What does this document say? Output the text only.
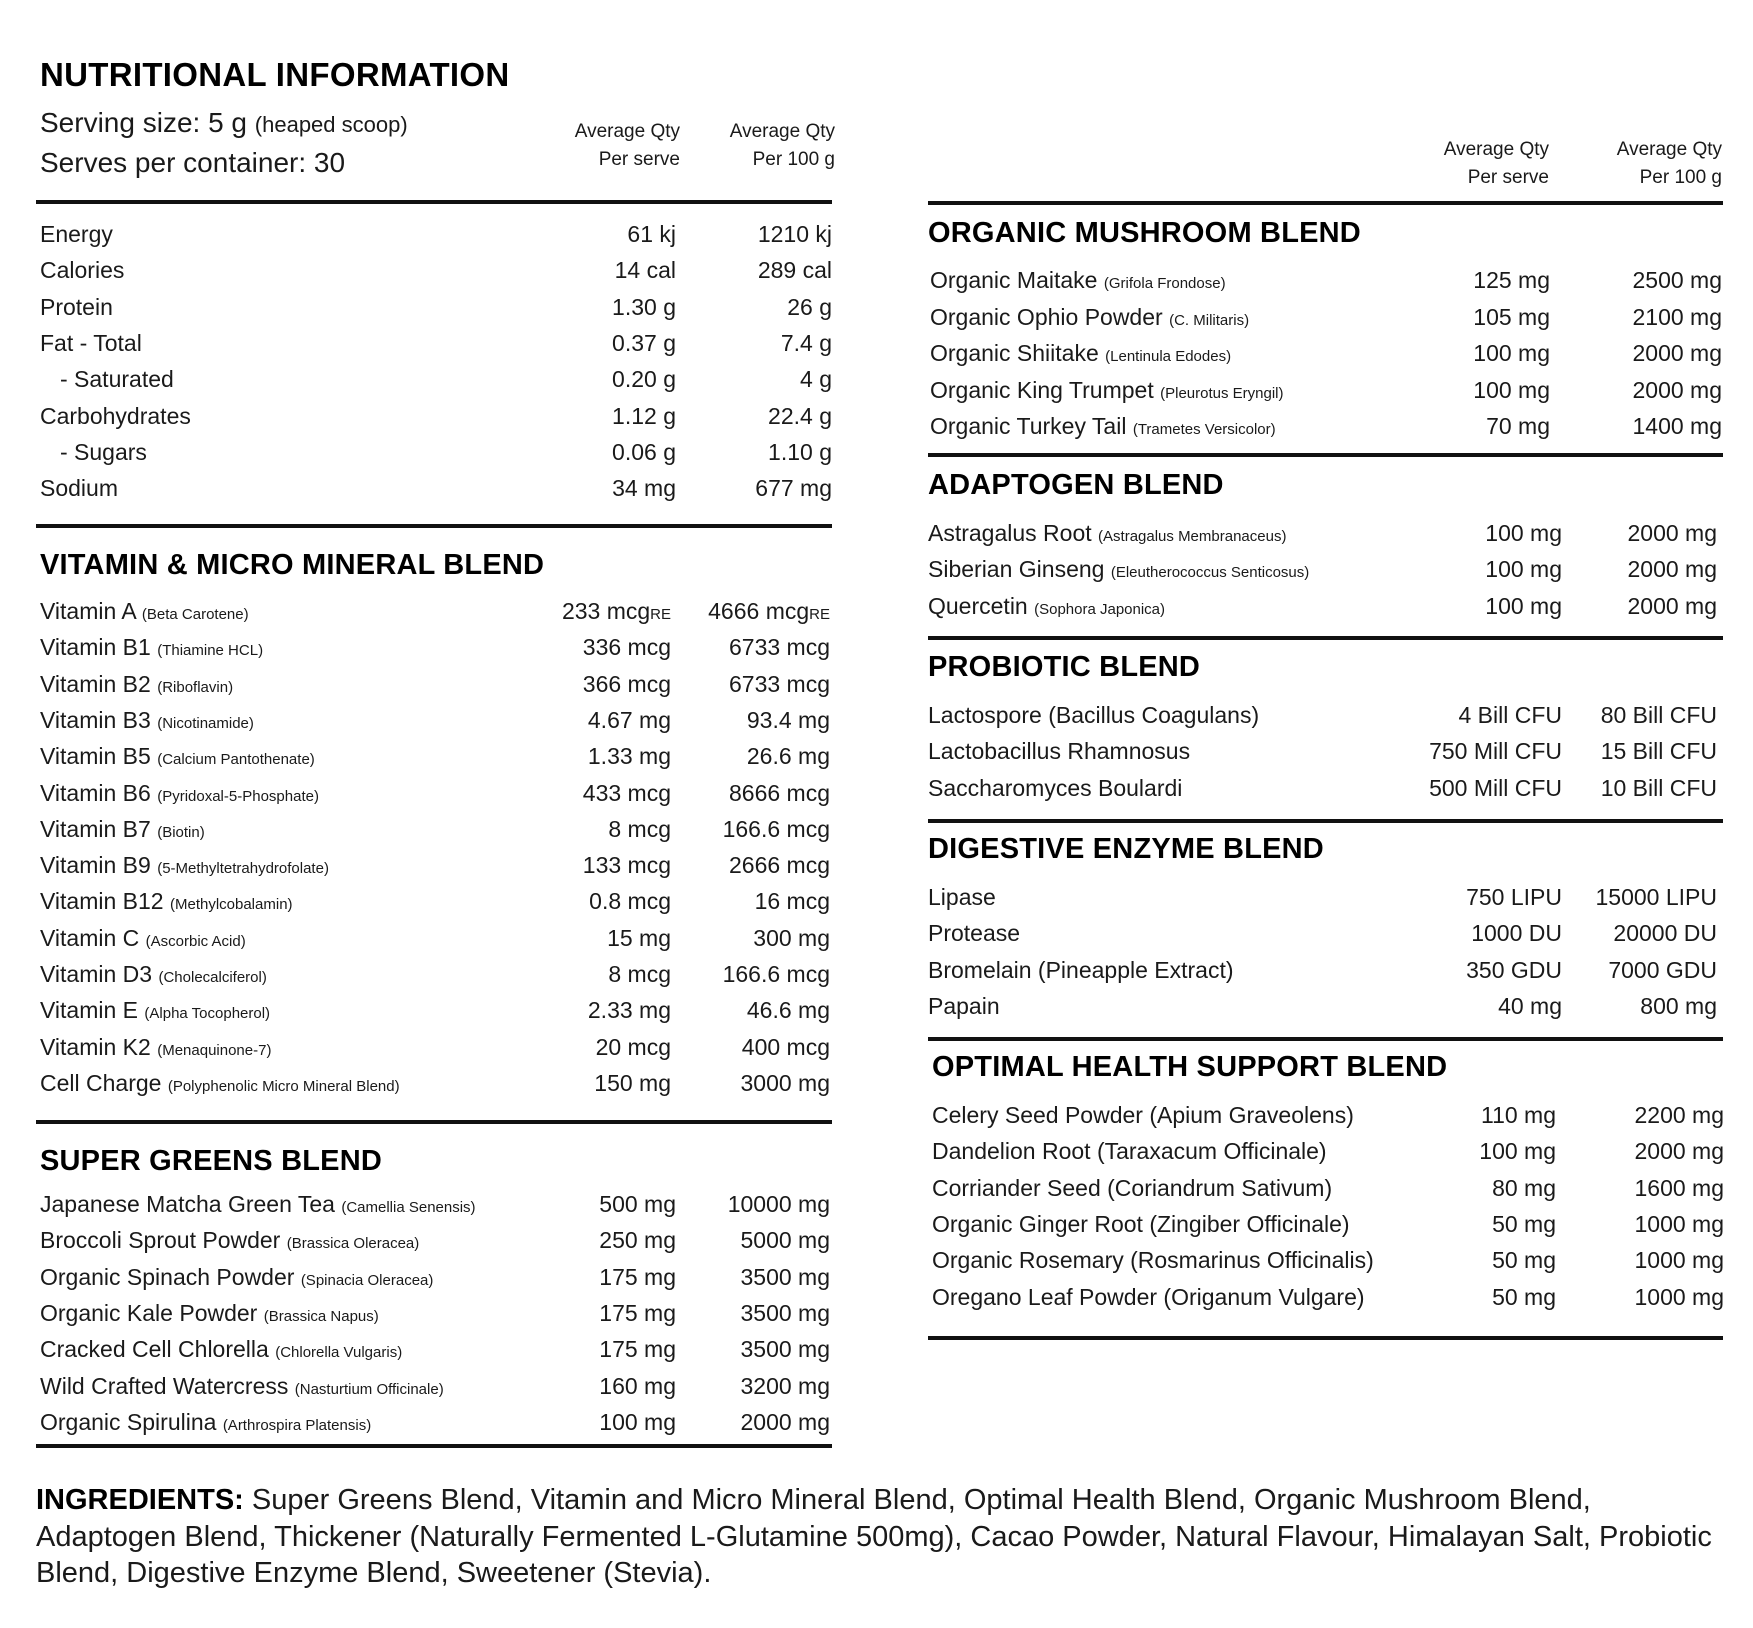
NUTRITIONAL INFORMATION
Serving size: 5 g (heaped scoop)
Serves per container: 30
Average Qty
Per serve
Average Qty
Per 100 g
Energy	61 kj	1210 kj
Calories	14 cal	289 cal
Protein	1.30 g	26 g
Fat - Total	0.37 g	7.4 g
- Saturated	0.20 g	4 g
Carbohydrates	1.12 g	22.4 g
- Sugars	0.06 g	1.10 g
Sodium	34 mg	677 mg
VITAMIN & MICRO MINERAL BLEND
Vitamin A (Beta Carotene)	233 mcgRE 4666 mcgRE
Vitamin B1 (Thiamine HCL)	336 mcg	6733 mcg
Vitamin B2 (Riboflavin)	366 mcg	6733 mcg
Vitamin B3 (Nicotinamide)	4.67 mg	93.4 mg
Vitamin B5 (Calcium Pantothenate)	1.33 mg	26.6 mg
Vitamin B6 (Pyridoxal-5-Phosphate)	433 mcg	8666 mcg
Vitamin B7 (Biotin)	8 mcg 166.6 mcg
Vitamin B9 (5-Methyltetrahydrofolate)	133 mcg	2666 mcg
Vitamin B12 (Methylcobalamin)	0.8 mcg	16 mcg
Vitamin C (Ascorbic Acid)	15 mg	300 mg
Vitamin D3 (Cholecalciferol)	8 mcg 166.6 mcg
Vitamin E (Alpha Tocopherol)	2.33 mg	46.6 mg
Vitamin K2 (Menaquinone-7)	20 mcg	400 mcg
Cell Charge (Polyphenolic Micro Mineral Blend)	150 mg	3000 mg
SUPER GREENS BLEND
Japanese Matcha Green Tea (Camellia Senensis)	500 mg 10000 mg
Broccoli Sprout Powder (Brassica Oleracea)	250 mg	5000 mg
Organic Spinach Powder (Spinacia Oleracea)	175 mg	3500 mg
Organic Kale Powder (Brassica Napus)	175 mg	3500 mg
Cracked Cell Chlorella (Chlorella Vulgaris)	175 mg	3500 mg
Wild Crafted Watercress (Nasturtium Officinale)	160 mg	3200 mg
Organic Spirulina (Arthrospira Platensis)	100 mg	2000 mg
Average Qty
Per serve
Average Qty
Per 100 g
ORGANIC MUSHROOM BLEND
Organic Maitake (Grifola Frondose)	125 mg	2500 mg
Organic Ophio Powder (C. Militaris)	105 mg	2100 mg
Organic Shiitake (Lentinula Edodes)	100 mg	2000 mg
Organic King Trumpet (Pleurotus Eryngil)	100 mg	2000 mg
Organic Turkey Tail (Trametes Versicolor)	70 mg	1400 mg
ADAPTOGEN BLEND
Astragalus Root (Astragalus Membranaceus)	100 mg	2000 mg
Siberian Ginseng (Eleutherococcus Senticosus)	100 mg	2000 mg
Quercetin (Sophora Japonica)	100 mg	2000 mg
PROBIOTIC BLEND
Lactospore (Bacillus Coagulans)	4 Bill CFU 80 Bill CFU
Lactobacillus Rhamnosus	750 Mill CFU 15 Bill CFU
Saccharomyces Boulardi	500 Mill CFU 10 Bill CFU
DIGESTIVE ENZYME BLEND
Lipase	750 LIPU 15000 LIPU
Protease	1000 DU 20000 DU
Bromelain (Pineapple Extract)	350 GDU 7000 GDU
Papain	40 mg	800 mg
OPTIMAL HEALTH SUPPORT BLEND
Celery Seed Powder (Apium Graveolens)	110 mg	2200 mg
Dandelion Root (Taraxacum Officinale)	100 mg	2000 mg
Corriander Seed (Coriandrum Sativum)	80 mg	1600 mg
Organic Ginger Root (Zingiber Officinale)	50 mg	1000 mg
Organic Rosemary (Rosmarinus Officinalis)	50 mg	1000 mg
Oregano Leaf Powder (Origanum Vulgare)	50 mg	1000 mg
INGREDIENTS: Super Greens Blend, Vitamin and Micro Mineral Blend, Optimal Health Blend, Organic Mushroom Blend, Adaptogen Blend, Thickener (Naturally Fermented L-Glutamine 500mg), Cacao Powder, Natural Flavour, Himalayan Salt, Probiotic Blend, Digestive Enzyme Blend, Sweetener (Stevia).
